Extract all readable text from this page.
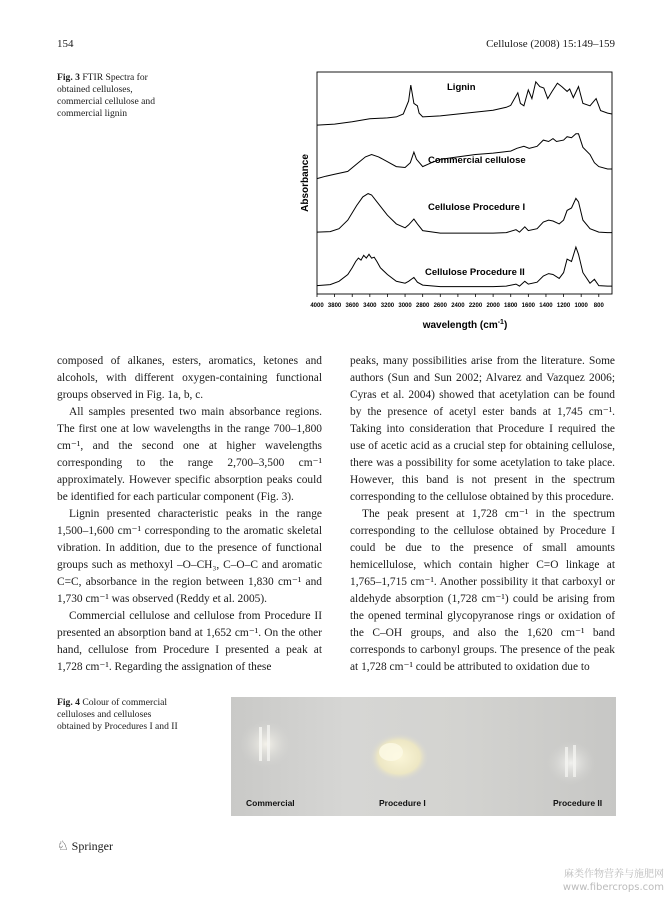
154	Cellulose (2008) 15:149–159
Fig. 3 FTIR Spectra for obtained celluloses, commercial cellulose and commercial lignin
Lignin
Commercial cellulose
Cellulose Procedure I
Cellulose Procedure II
4000 3800 3600 3400 3200 3000 2800 2600 2400 2200 2000 1800 1600 1400 1200 1000 800
Absorbance
wavelength $(cm^{-1})$

composed of alkanes, esters, aromatics, ketones and alcohols, with different oxygen-containing functional groups observed in Fig. 1a, b, c.

All samples presented two main absorbance regions. The first one at low wavelengths in the range 700–1,800 cm⁻¹, and the second one at higher wavelengths corresponding to the range 2,700–3,500 cm⁻¹ approximately. However specific absorption peaks could be identified for each particular component (Fig. 3).

Lignin presented characteristic peaks in the range 1,500–1,600 cm⁻¹ corresponding to the aromatic skeletal vibration. In addition, due to the presence of functional groups such as methoxyl –O–CH₃, C–O–C and aromatic C=C, absorbance in the region between 1,830 cm⁻¹ and 1,730 cm⁻¹ was observed (Reddy et al. 2005).

Commercial cellulose and cellulose from Procedure II presented an absorption band at 1,652 cm⁻¹. On the other hand, cellulose from Procedure I presented a peak at 1,728 cm⁻¹. Regarding the assignation of these

peaks, many possibilities arise from the literature. Some authors (Sun and Sun 2002; Alvarez and Vazquez 2006; Cyras et al. 2004) showed that acetylation can be found by the presence of acetyl ester bands at 1,745 cm⁻¹. Taking into consideration that Procedure I required the use of acetic acid as a crucial step for obtaining cellulose, there was a possibility for some acetylation to take place. However, this band is not present in the spectrum corresponding to the cellulose obtained by this procedure.

The peak present at 1,728 cm⁻¹ in the spectrum corresponding to the cellulose obtained by Procedure I could be due to the presence of small amounts hemicellulose, which contain higher C=O linkage at 1,765–1,715 cm⁻¹. Another possibility it that carboxyl or aldehyde absorption (1,728 cm⁻¹) could be arising from the opened terminal glycopyranose rings or oxidation of the C–OH groups, and also the 1,620 cm⁻¹ band corresponds to carbonyl groups. The presence of the peak at 1,728 cm⁻¹ could be attributed to oxidation due to

Fig. 4 Colour of commercial celluloses and celluloses obtained by Procedures I and II
Commercial	Procedure I	Procedure II
♘ Springer
麻类作物营养与施肥网
www.fibercrops.com
